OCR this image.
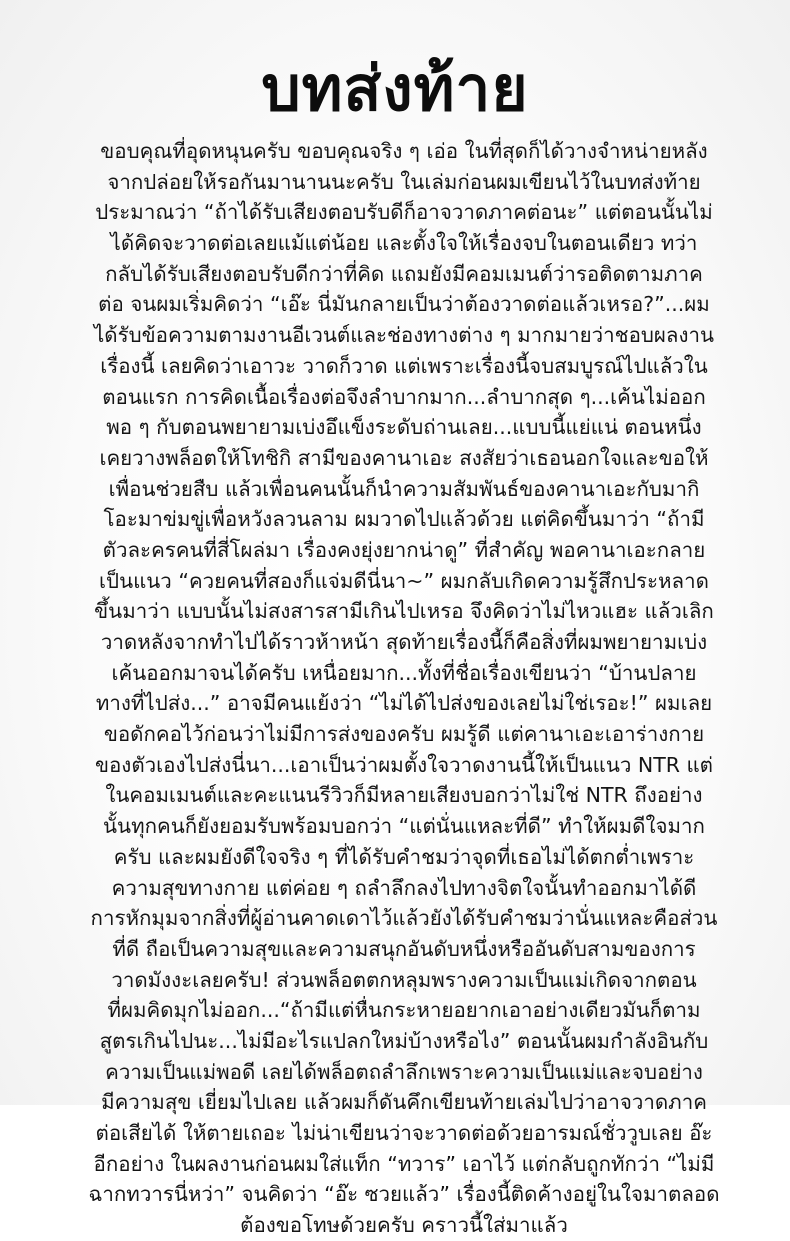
บทส่งท้าย
ขอบคุณที่อุดหนุนครับ ขอบคุณจริง ๆ เอ่อ ในที่สุดก็ได้วางจำหน่ายหลัง
จากปล่อยให้รอกันมานานนะครับ ในเล่มก่อนผมเขียนไว้ในบทส่งท้าย
ประมาณว่า “ถ้าได้รับเสียงตอบรับดีก็อาจวาดภาคต่อนะ” แต่ตอนนั้นไม่
ได้คิดจะวาดต่อเลยแม้แต่น้อย และตั้งใจให้เรื่องจบในตอนเดียว ทว่า
กลับได้รับเสียงตอบรับดีกว่าที่คิด แถมยังมีคอมเมนต์ว่ารอติดตามภาค
ต่อ จนผมเริ่มคิดว่า “เอ๊ะ นี่มันกลายเป็นว่าต้องวาดต่อแล้วเหรอ?”...ผม
ได้รับข้อความตามงานอีเวนต์และช่องทางต่าง ๆ มากมายว่าชอบผลงาน
เรื่องนี้ เลยคิดว่าเอาวะ วาดก็วาด แต่เพราะเรื่องนี้จบสมบูรณ์ไปแล้วใน
ตอนแรก การคิดเนื้อเรื่องต่อจึงลำบากมาก...ลำบากสุด ๆ...เค้นไม่ออก
พอ ๆ กับตอนพยายามเบ่งอึแข็งระดับถ่านเลย...แบบนี้แย่แน่ ตอนหนึ่ง
เคยวางพล็อตให้โทชิกิ สามีของคานาเอะ สงสัยว่าเธอนอกใจและขอให้
เพื่อนช่วยสืบ แล้วเพื่อนคนนั้นก็นำความสัมพันธ์ของคานาเอะกับมากิ
โอะมาข่มขู่เพื่อหวังลวนลาม ผมวาดไปแล้วด้วย แต่คิดขึ้นมาว่า “ถ้ามี
ตัวละครคนที่สี่โผล่มา เรื่องคงยุ่งยากน่าดู” ที่สำคัญ พอคานาเอะกลาย
เป็นแนว “ควยคนที่สองก็แจ่มดีนี่นา~” ผมกลับเกิดความรู้สึกประหลาด
ขึ้นมาว่า แบบนั้นไม่สงสารสามีเกินไปเหรอ จึงคิดว่าไม่ไหวแฮะ แล้วเลิก
วาดหลังจากทำไปได้ราวห้าหน้า สุดท้ายเรื่องนี้ก็คือสิ่งที่ผมพยายามเบ่ง
เค้นออกมาจนได้ครับ เหนื่อยมาก...ทั้งที่ชื่อเรื่องเขียนว่า “บ้านปลาย
ทางที่ไปส่ง...” อาจมีคนแย้งว่า “ไม่ได้ไปส่งของเลยไม่ใช่เรอะ!” ผมเลย
ขอดักคอไว้ก่อนว่าไม่มีการส่งของครับ ผมรู้ดี แต่คานาเอะเอาร่างกาย
ของตัวเองไปส่งนี่นา...เอาเป็นว่าผมตั้งใจวาดงานนี้ให้เป็นแนว NTR แต่
ในคอมเมนต์และคะแนนรีวิวก็มีหลายเสียงบอกว่าไม่ใช่ NTR ถึงอย่าง
นั้นทุกคนก็ยังยอมรับพร้อมบอกว่า “แต่นั่นแหละที่ดี” ทำให้ผมดีใจมาก
ครับ และผมยังดีใจจริง ๆ ที่ได้รับคำชมว่าจุดที่เธอไม่ได้ตกต่ำเพราะ
ความสุขทางกาย แต่ค่อย ๆ ถลำลึกลงไปทางจิตใจนั้นทำออกมาได้ดี
การหักมุมจากสิ่งที่ผู้อ่านคาดเดาไว้แล้วยังได้รับคำชมว่านั่นแหละคือส่วน
ที่ดี ถือเป็นความสุขและความสนุกอันดับหนึ่งหรืออันดับสามของการ
วาดมังงะเลยครับ! ส่วนพล็อตตกหลุมพรางความเป็นแม่เกิดจากตอน
ที่ผมคิดมุกไม่ออก...“ถ้ามีแต่หื่นกระหายอยากเอาอย่างเดียวมันก็ตาม
สูตรเกินไปนะ...ไม่มีอะไรแปลกใหม่บ้างหรือไง” ตอนนั้นผมกำลังอินกับ
ความเป็นแม่พอดี เลยได้พล็อตถลำลึกเพราะความเป็นแม่และจบอย่าง
มีความสุข เยี่ยมไปเลย แล้วผมก็ดันคึกเขียนท้ายเล่มไปว่าอาจวาดภาค
ต่อเสียได้ ให้ตายเถอะ ไม่น่าเขียนว่าจะวาดต่อด้วยอารมณ์ชั่ววูบเลย อ๊ะ
อีกอย่าง ในผลงานก่อนผมใส่แท็ก “ทวาร” เอาไว้ แต่กลับถูกทักว่า “ไม่มี
ฉากทวารนี่หว่า” จนคิดว่า “อ๊ะ ซวยแล้ว” เรื่องนี้ติดค้างอยู่ในใจมาตลอด
ต้องขอโทษด้วยครับ คราวนี้ใส่มาแล้ว
